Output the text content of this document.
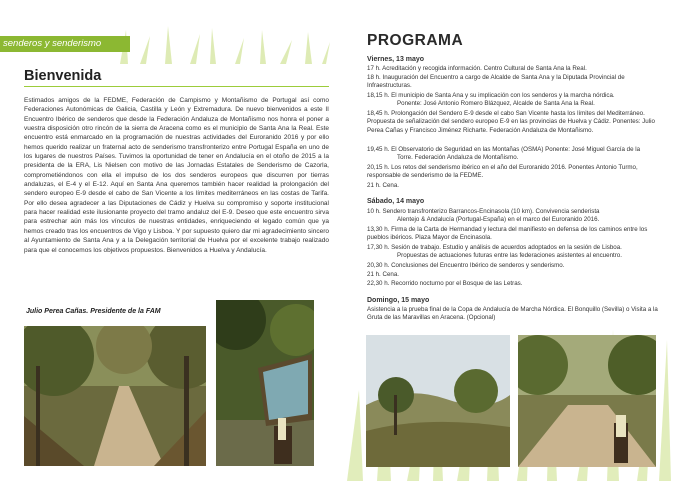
senderos y senderismo
Bienvenida

Estimados amigos de la FEDME, Federación de Campismo y Montañismo de Portugal así como Federaciones Autonómicas de Galicia, Castilla y León y Extremadura. De nuevo bienvenidos a este II Encuentro Ibérico de senderos que desde la Federación Andaluza de Montañismo nos honra el poner a vuestra disposición otro rincón de la sierra de Aracena como es el municipio de Santa Ana la Real. Este encuentro está enmarcado en la programación de nuestras actividades del Euroranido 2016 y por ello hemos querido realizar un fraternal acto de senderismo transfronterizo entre Portugal España en uno de los lugares de nuestros Países. Tuvimos la oportunidad de tener en Andalucía en el otoño de 2015 a la presidenta de la ERA, Lis Nielsen con motivo de las Jornadas Estatales de Senderismo de Cazorla, comprometiéndonos con ella el impulso de los dos senderos europeos que discurren por tierras andaluzas, el E-4 y el E-12. Aquí en Santa Ana queremos también hacer realidad la prolongación del sendero europeo E-9 desde el cabo de San Vicente a los límites mediterráneos en las costas de Tarifa. Por ello desea agradecer a las Diputaciones de Cádiz y Huelva su compromiso y soporte institucional para hacer realidad este ilusionante proyecto del tramo andaluz del E-9. Deseo que este encuentro sirva para estrechar aún más los vínculos de nuestras entidades, enriqueciendo el legado común que ya hemos creado tras los encuentros de Vigo y Lisboa. Y por supuesto quiero dar mi agradecimiento sincero al Ayuntamiento de Santa Ana y a la Delegación territorial de Huelva por el excelente trabajo realizado para que el conocemos los objetivos propuestos. Bienvenidos a Huelva y Andalucía.

Julio Perea Cañas. Presidente de la FAM
PROGRAMA
Viernes, 13 mayo

17 h. Acreditación y recogida información. Centro Cultural de Santa Ana la Real.

18 h. Inauguración del Encuentro a cargo de Alcalde de Santa Ana y la Diputada Provincial de Infraestructuras.

18,15 h. El municipio de Santa Ana y su implicación con los senderos y la marcha nórdica.
Ponente: José Antonio Romero Blázquez, Alcalde de Santa Ana la Real.

18,45 h. Prolongación del Sendero E-9 desde el cabo San Vicente hasta los límites del Mediterráneo. Propuesta de señalización del sendero europeo E-9 en las provincias de Huelva y Cádiz. Ponentes: Julio Perea Cañas y Francisco Jiménez Richarte. Federación Andaluza de Montañismo.

19,45 h. El Observatorio de Seguridad en las Montañas (OSMA) Ponente: José Miguel García de la
Torre. Federación Andaluza de Montañismo.

20,15 h. Los retos del senderismo ibérico en el año del Euroranido 2016. Ponentes Antonio Turmo, responsable de senderismo de la FEDME.

21 h. Cena.

Sábado, 14 mayo

10 h. Sendero transfronterizo Barrancos-Encinasola (10 km). Convivencia senderista
Alentejo & Andalucía (Portugal-España) en el marco del Euroranido 2016.

13,30 h. Firma de la Carta de Hermandad y lectura del manifiesto en defensa de los caminos entre los pueblos ibéricos. Plaza Mayor de Encinasola.

17,30 h. Sesión de trabajo. Estudio y análisis de acuerdos adoptados en la sesión de Lisboa.
Propuestas de actuaciones futuras entre las federaciones asistentes al encuentro.

20,30 h. Conclusiones del Encuentro Ibérico de senderos y senderismo.

21 h. Cena.

22,30 h. Recorrido nocturno por el Bosque de las Letras.

Domingo, 15 mayo

Asistencia a la prueba final de la Copa de Andalucía de Marcha Nórdica. El Bonquillo (Sevilla) o Visita a la Gruta de las Maravillas en Aracena. (Opcional)
